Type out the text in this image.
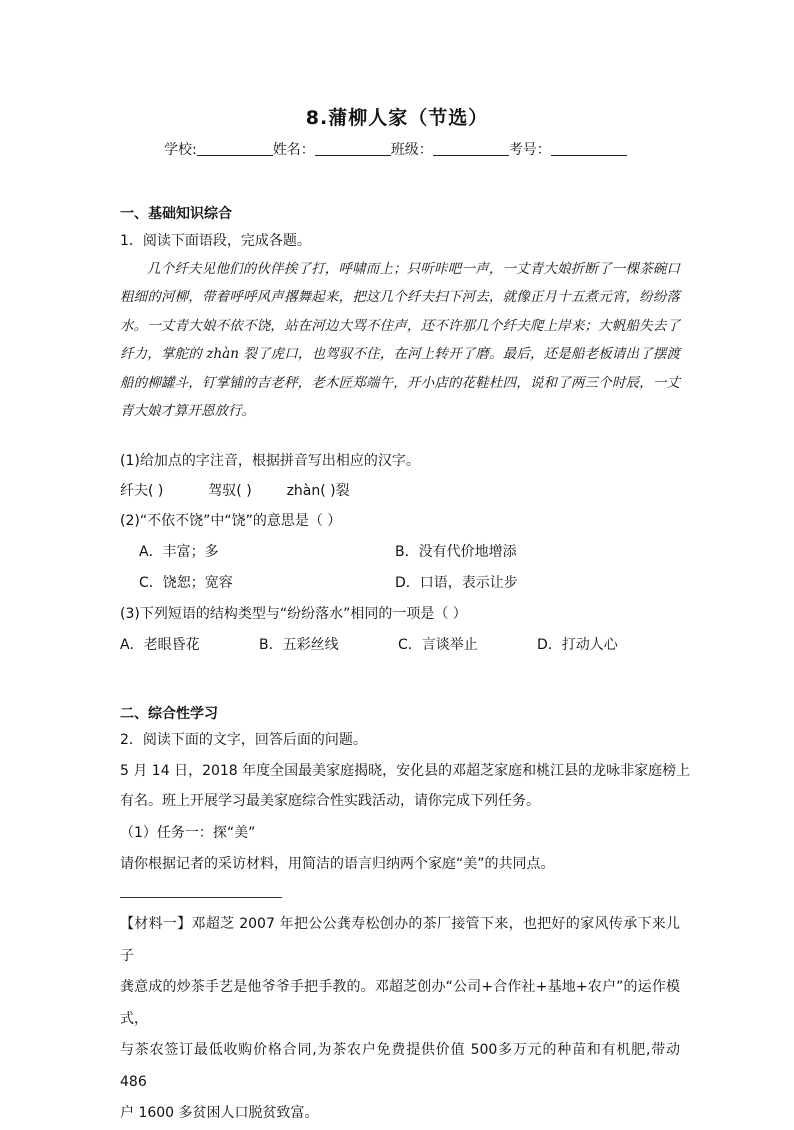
8.蒲柳人家（节选）
学校:	姓名：	班级：	考号：
一、基础知识综合
1．阅读下面语段，完成各题。

几个纤夫见他们的伙伴挨了打，呼啸而上；只听咔吧一声，一丈青大娘折断了一棵茶碗口粗细的河柳，带着呼呼风声撂舞起来，把这几个纤夫扫下河去，就像正月十五煮元宵，纷纷落水。一丈青大娘不依不饶，站在河边大骂不住声，还不许那几个纤夫爬上岸来；大帆船失去了纤力，掌舵的 zhàn 裂了虎口，也驾驭不住，在河上转开了磨。最后，还是船老板请出了摆渡船的柳罐斗，钉掌铺的吉老秤，老木匠郑端午，开小店的花鞋杜四，说和了两三个时辰，一丈青大娘才算开恩放行。

(1)给加点的字注音，根据拼音写出相应的汉字。
纤夫( )	驾驭( ) zhàn( )裂
(2)“不依不饶”中“饶”的意思是（ ）
A．丰富；多	B．没有代价地增添
C．饶恕；宽容	D．口语，表示让步
(3)下列短语的结构类型与“纷纷落水”相同的一项是（ ）
A．老眼昏花	B．五彩丝线	C．言谈举止	D．打动人心
二、综合性学习
2．阅读下面的文字，回答后面的问题。
5 月 14 日，2018 年度全国最美家庭揭晓，安化县的邓超芝家庭和桃江县的龙咏非家庭榜上
有名。班上开展学习最美家庭综合性实践活动，请你完成下列任务。
（1）任务一：探“美”
请你根据记者的采访材料，用简洁的语言归纳两个家庭“美”的共同点。

【材料一】邓超芝 2007 年把公公龚寿松创办的茶厂接管下来，也把好的家风传承下来儿子

龚意成的炒茶手艺是他爷爷手把手教的。邓超芝创办“公司+合作社+基地+农户”的运作模式，

与茶农签订最低收购价格合同,为茶农户免费提供价值 500多万元的种苗和有机肥,带动 486

户 1600 多贫困人口脱贫致富。
